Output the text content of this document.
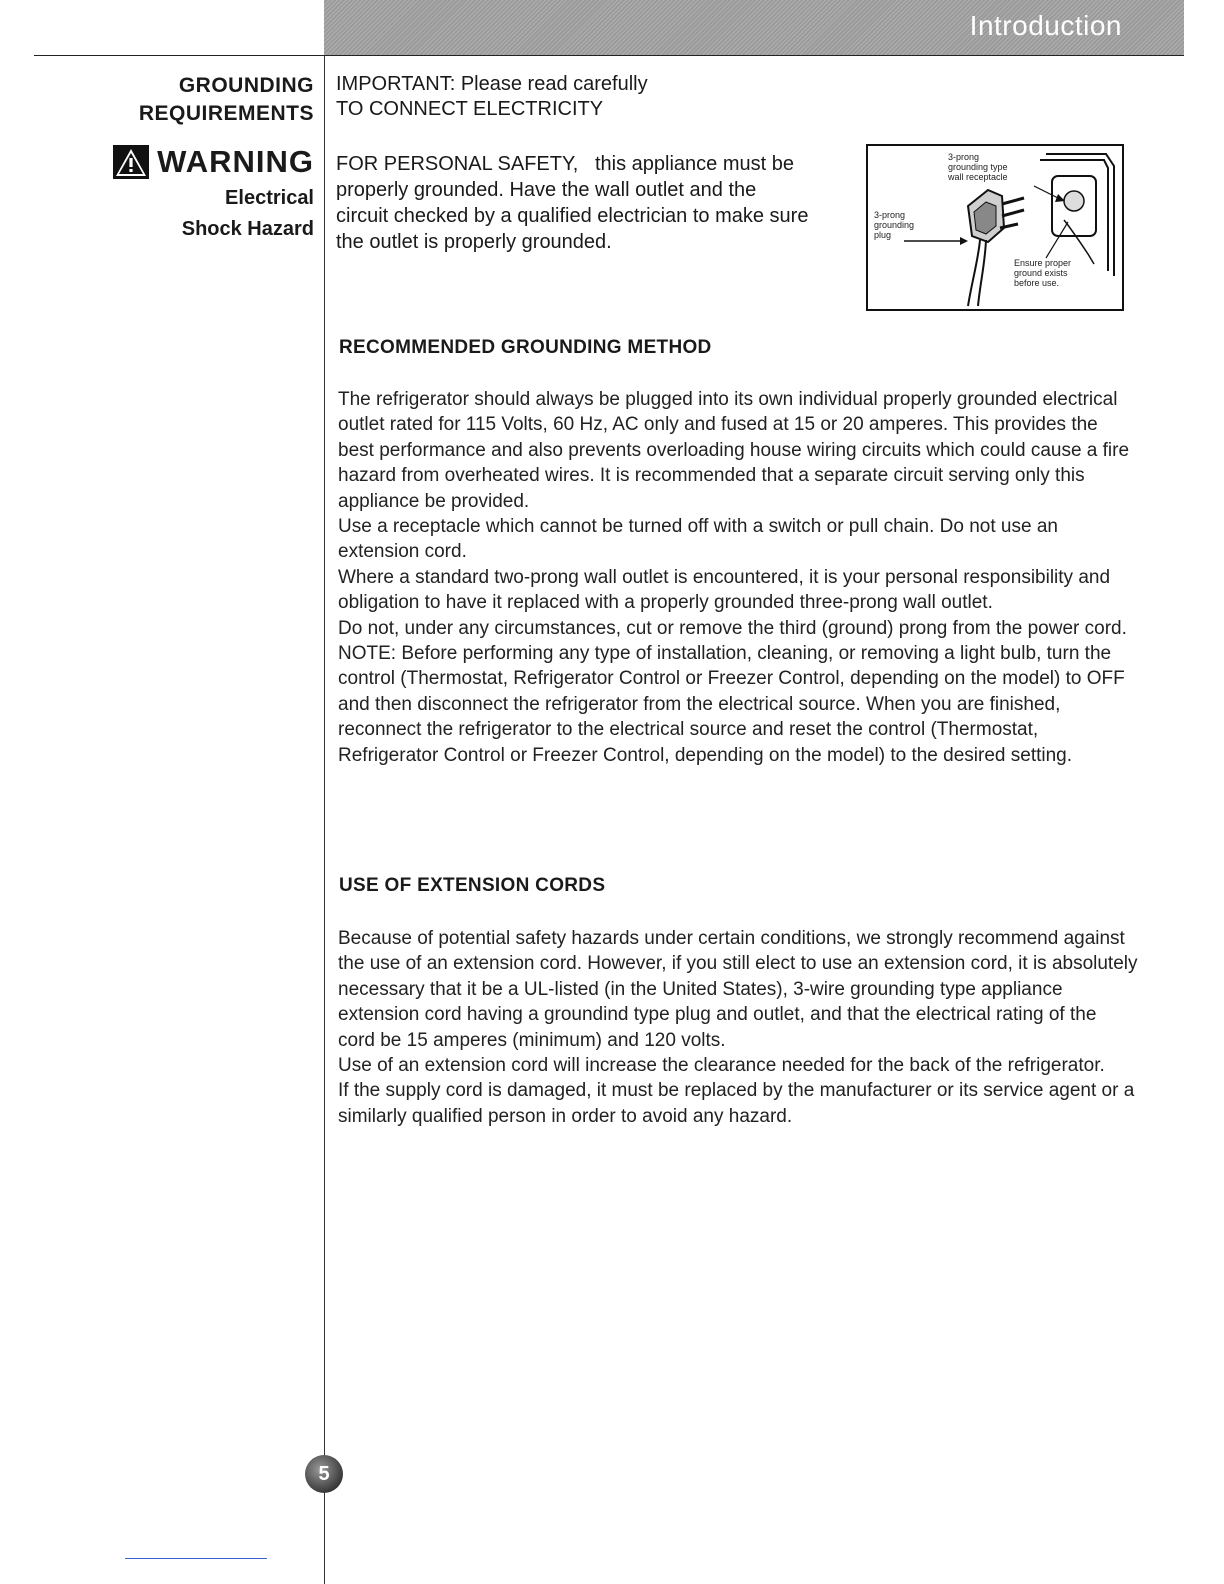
Introduction
GROUNDING
REQUIREMENTS
WARNING
Electrical
Shock Hazard
IMPORTANT: Please read carefully
TO CONNECT ELECTRICITY
FOR PERSONAL SAFETY,   this appliance must be
properly grounded. Have the wall outlet and the
circuit checked by a qualified electrician to make sure
the outlet is properly grounded.
3-prong
grounding type
wall receptacle
3-prong
grounding
plug
Ensure proper
ground exists
before use.
RECOMMENDED GROUNDING METHOD

The refrigerator should always be plugged into its own individual properly grounded electrical outlet rated for 115 Volts, 60 Hz, AC only and fused at 15 or 20 amperes. This provides the best performance and also prevents overloading house wiring circuits which could cause a fire hazard from overheated wires. It is recommended that a separate circuit serving only this appliance be provided.

Use a receptacle which cannot be turned off with a switch or pull chain. Do not use an extension cord.

Where a standard two-prong wall outlet is encountered, it is your personal responsibility and obligation to have it replaced with a properly grounded three-prong wall outlet.

Do not, under any circumstances, cut or remove the third (ground) prong from the power cord.

NOTE: Before performing any type of installation, cleaning, or removing a light bulb, turn the control (Thermostat, Refrigerator Control or Freezer Control, depending on the model) to OFF and then disconnect the refrigerator from the electrical source. When you are finished, reconnect the refrigerator to the electrical source and reset the control (Thermostat, Refrigerator Control or Freezer Control, depending on the model) to the desired setting.

USE OF EXTENSION CORDS

Because of potential safety hazards under certain conditions, we strongly recommend against the use of an extension cord. However, if you still elect to use an extension cord, it is absolutely necessary that it be a UL-listed (in the United States), 3-wire grounding type appliance extension cord having a groundind type plug and outlet, and that the electrical rating of the cord be 15 amperes (minimum) and 120 volts.

Use of an extension cord will increase the clearance needed for the back of the refrigerator.

If the supply cord is damaged, it must be replaced by the manufacturer or its service agent or a similarly qualified person in order to avoid any hazard.

5
